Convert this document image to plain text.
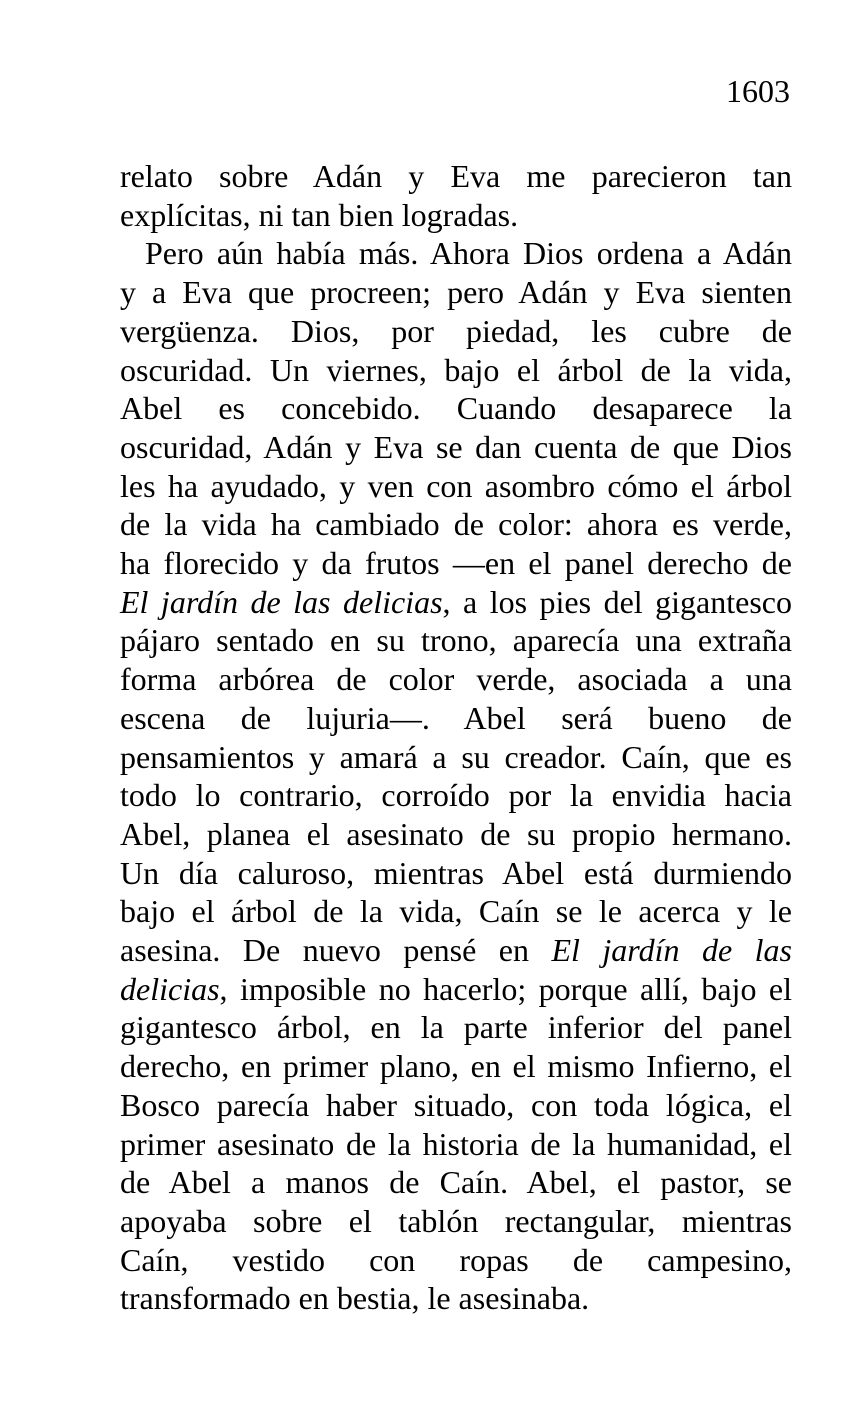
1603
relato sobre Adán y Eva me parecieron tan
explícitas, ni tan bien logradas.
Pero aún había más. Ahora Dios ordena a Adán
y a Eva que procreen; pero Adán y Eva sienten
vergüenza. Dios, por piedad, les cubre de
oscuridad. Un viernes, bajo el árbol de la vida,
Abel es concebido. Cuando desaparece la
oscuridad, Adán y Eva se dan cuenta de que Dios
les ha ayudado, y ven con asombro cómo el árbol
de la vida ha cambiado de color: ahora es verde,
ha florecido y da frutos —en el panel derecho de
El jardín de las delicias, a los pies del gigantesco
pájaro sentado en su trono, aparecía una extraña
forma arbórea de color verde, asociada a una
escena de lujuria—. Abel será bueno de
pensamientos y amará a su creador. Caín, que es
todo lo contrario, corroído por la envidia hacia
Abel, planea el asesinato de su propio hermano.
Un día caluroso, mientras Abel está durmiendo
bajo el árbol de la vida, Caín se le acerca y le
asesina. De nuevo pensé en El jardín de las
delicias, imposible no hacerlo; porque allí, bajo el
gigantesco árbol, en la parte inferior del panel
derecho, en primer plano, en el mismo Infierno, el
Bosco parecía haber situado, con toda lógica, el
primer asesinato de la historia de la humanidad, el
de Abel a manos de Caín. Abel, el pastor, se
apoyaba sobre el tablón rectangular, mientras
Caín, vestido con ropas de campesino,
transformado en bestia, le asesinaba.
